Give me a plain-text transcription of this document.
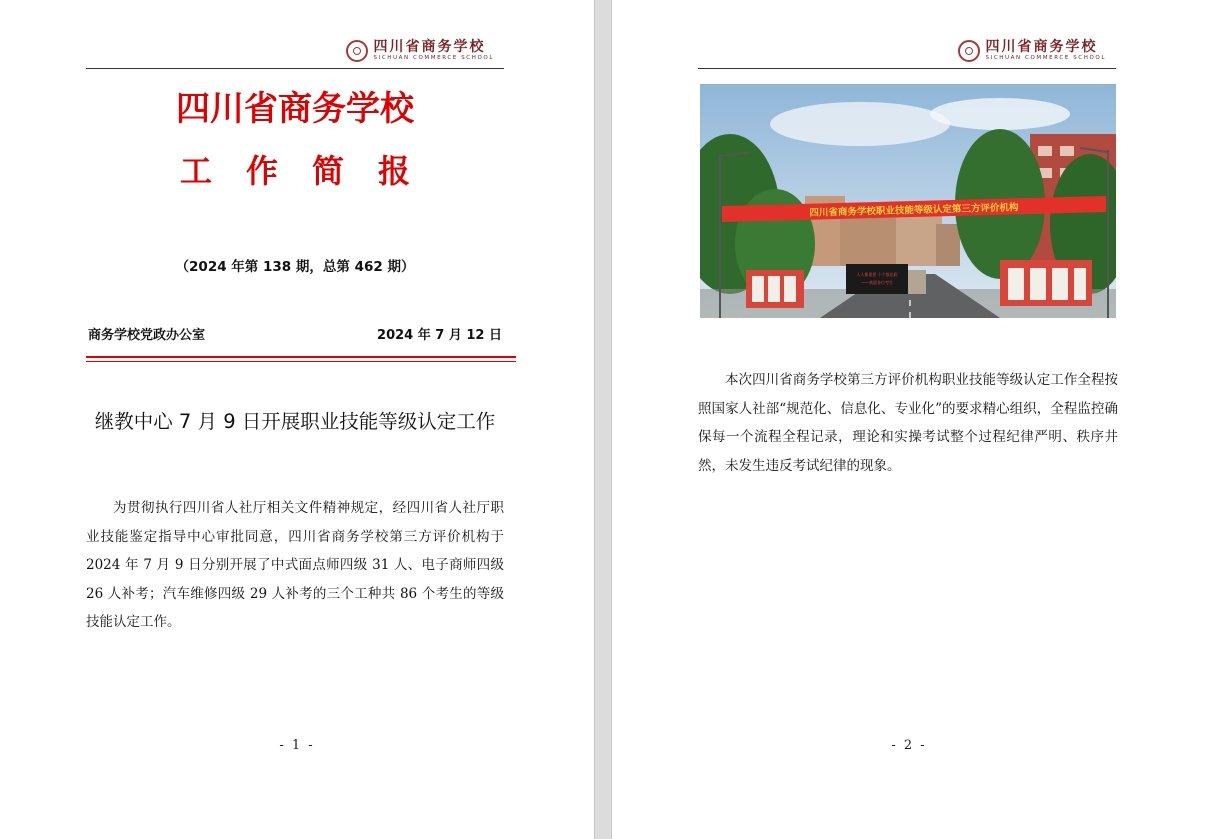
四川省商务学校
SICHUAN COMMERCE SCHOOL
四川省商务学校
工作简报
（2024 年第 138 期，总第 462 期）
商务学校党政办公室	2024 年 7 月 12 日
继教中心 7 月 9 日开展职业技能等级认定工作

为贯彻执行四川省人社厅相关文件精神规定，经四川省人社厅职业技能鉴定指导中心审批同意，四川省商务学校第三方评价机构于 2024 年 7 月 9 日分别开展了中式面点师四级 31 人、电子商师四级 26 人补考；汽车维修四级 29 人补考的三个工种共 86 个考生的等级技能认定工作。

- 1 -
四川省商务学校
SICHUAN COMMERCE SCHOOL
人人都重要 个个都出彩
——欢迎各位考生
四川省商务学校职业技能等级认定第三方评价机构

本次四川省商务学校第三方评价机构职业技能等级认定工作全程按照国家人社部“规范化、信息化、专业化”的要求精心组织，全程监控确保每一个流程全程记录，理论和实操考试整个过程纪律严明、秩序井然，未发生违反考试纪律的现象。

- 2 -
